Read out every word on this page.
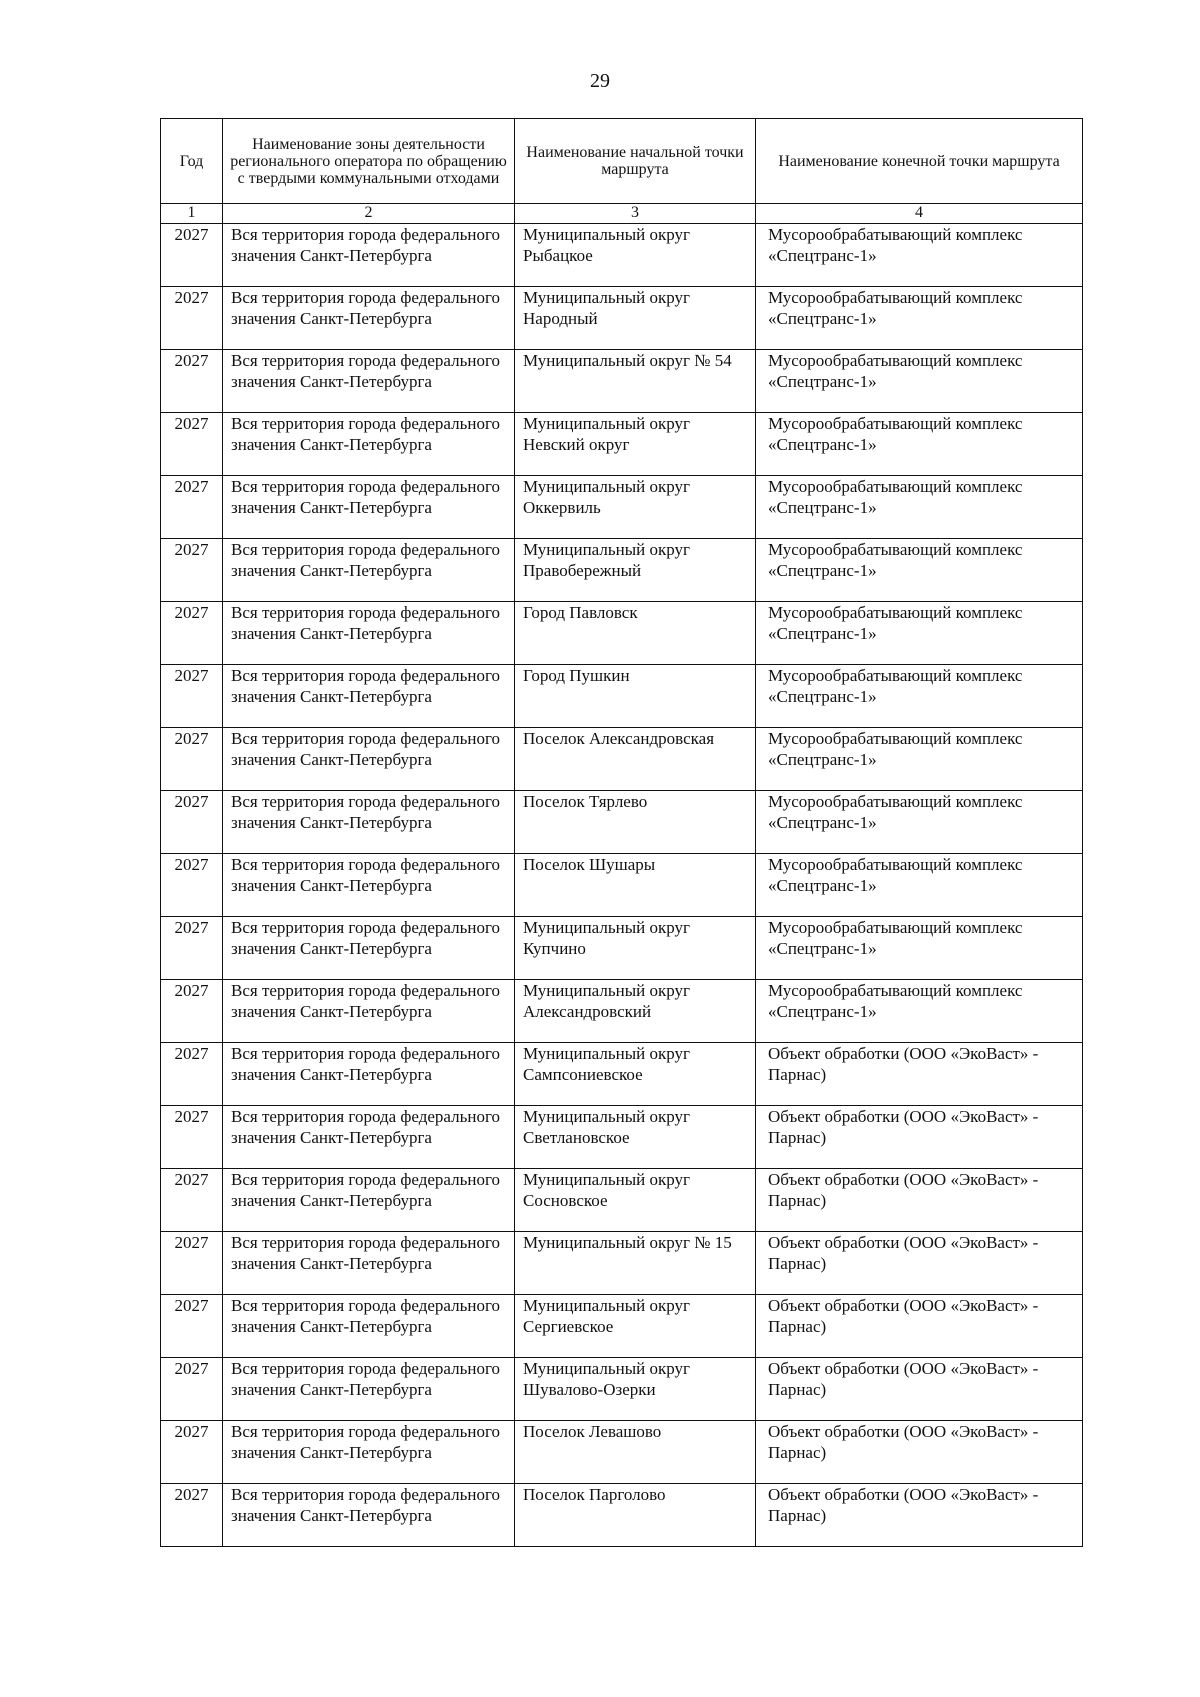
29
Год	Наименование зоны деятельности регионального оператора по обращению с твердыми коммунальными отходами	Наименование начальной точки маршрута	Наименование конечной точки маршрута
1	2	3	4
2027	Вся территория города федерального значения Санкт-Петербурга	Муниципальный округ Рыбацкое	Мусорообрабатывающий комплекс «Спецтранс-1»
2027	Вся территория города федерального значения Санкт-Петербурга	Муниципальный округ Народный	Мусорообрабатывающий комплекс «Спецтранс-1»
2027	Вся территория города федерального значения Санкт-Петербурга	Муниципальный округ № 54	Мусорообрабатывающий комплекс «Спецтранс-1»
2027	Вся территория города федерального значения Санкт-Петербурга	Муниципальный округ Невский округ	Мусорообрабатывающий комплекс «Спецтранс-1»
2027	Вся территория города федерального значения Санкт-Петербурга	Муниципальный округ Оккервиль	Мусорообрабатывающий комплекс «Спецтранс-1»
2027	Вся территория города федерального значения Санкт-Петербурга	Муниципальный округ Правобережный	Мусорообрабатывающий комплекс «Спецтранс-1»
2027	Вся территория города федерального значения Санкт-Петербурга	Город Павловск	Мусорообрабатывающий комплекс «Спецтранс-1»
2027	Вся территория города федерального значения Санкт-Петербурга	Город Пушкин	Мусорообрабатывающий комплекс «Спецтранс-1»
2027	Вся территория города федерального значения Санкт-Петербурга	Поселок Александровская	Мусорообрабатывающий комплекс «Спецтранс-1»
2027	Вся территория города федерального значения Санкт-Петербурга	Поселок Тярлево	Мусорообрабатывающий комплекс «Спецтранс-1»
2027	Вся территория города федерального значения Санкт-Петербурга	Поселок Шушары	Мусорообрабатывающий комплекс «Спецтранс-1»
2027	Вся территория города федерального значения Санкт-Петербурга	Муниципальный округ Купчино	Мусорообрабатывающий комплекс «Спецтранс-1»
2027	Вся территория города федерального значения Санкт-Петербурга	Муниципальный округ Александровский	Мусорообрабатывающий комплекс «Спецтранс-1»
2027	Вся территория города федерального значения Санкт-Петербурга	Муниципальный округ Сампсониевское	Объект обработки (ООО «ЭкоВаст» - Парнас)
2027	Вся территория города федерального значения Санкт-Петербурга	Муниципальный округ Светлановское	Объект обработки (ООО «ЭкоВаст» - Парнас)
2027	Вся территория города федерального значения Санкт-Петербурга	Муниципальный округ Сосновское	Объект обработки (ООО «ЭкоВаст» - Парнас)
2027	Вся территория города федерального значения Санкт-Петербурга	Муниципальный округ № 15	Объект обработки (ООО «ЭкоВаст» - Парнас)
2027	Вся территория города федерального значения Санкт-Петербурга	Муниципальный округ Сергиевское	Объект обработки (ООО «ЭкоВаст» - Парнас)
2027	Вся территория города федерального значения Санкт-Петербурга	Муниципальный округ Шувалово-Озерки	Объект обработки (ООО «ЭкоВаст» - Парнас)
2027	Вся территория города федерального значения Санкт-Петербурга	Поселок Левашово	Объект обработки (ООО «ЭкоВаст» - Парнас)
2027	Вся территория города федерального значения Санкт-Петербурга	Поселок Парголово	Объект обработки (ООО «ЭкоВаст» - Парнас)
